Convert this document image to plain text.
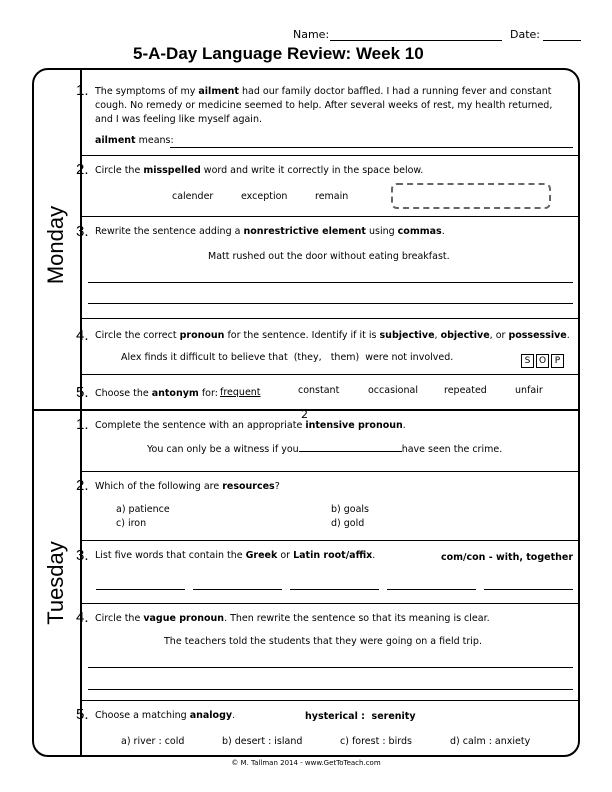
Name:	Date:
5-A-Day Language Review: Week 10
Monday
Tuesday
1. The symptoms of my ailment had our family doctor baffled. I had a running fever and constant
cough. No remedy or medicine seemed to help. After several weeks of rest, my health returned,
and I was feeling like myself again.
ailment means:
2. Circle the misspelled word and write it correctly in the space below.
calender	exception	remain
3. Rewrite the sentence adding a nonrestrictive element using commas.
Matt rushed out the door without eating breakfast.
4. Circle the correct pronoun for the sentence. Identify if it is subjective, objective, or possessive.
Alex finds it difficult to believe that  (they,   them)  were not involved.	S O P
5. Choose the antonym for:
frequent	constant	occasional	repeated	unfair
2
1. Complete the sentence with an appropriate intensive pronoun.
You can only be a witness if you	have seen the crime.
2. Which of the following are resources?
a) patience	b) goals
c) iron	d) gold
3. List five words that contain the Greek or Latin root/affix.	com/con - with, together
4. Circle the vague pronoun. Then rewrite the sentence so that its meaning is clear.
The teachers told the students that they were going on a field trip.
5. Choose a matching analogy.	hysterical :  serenity
a) river : cold	b) desert : island	c) forest : birds	d) calm : anxiety
© M. Tallman 2014 - www.GetToTeach.com
